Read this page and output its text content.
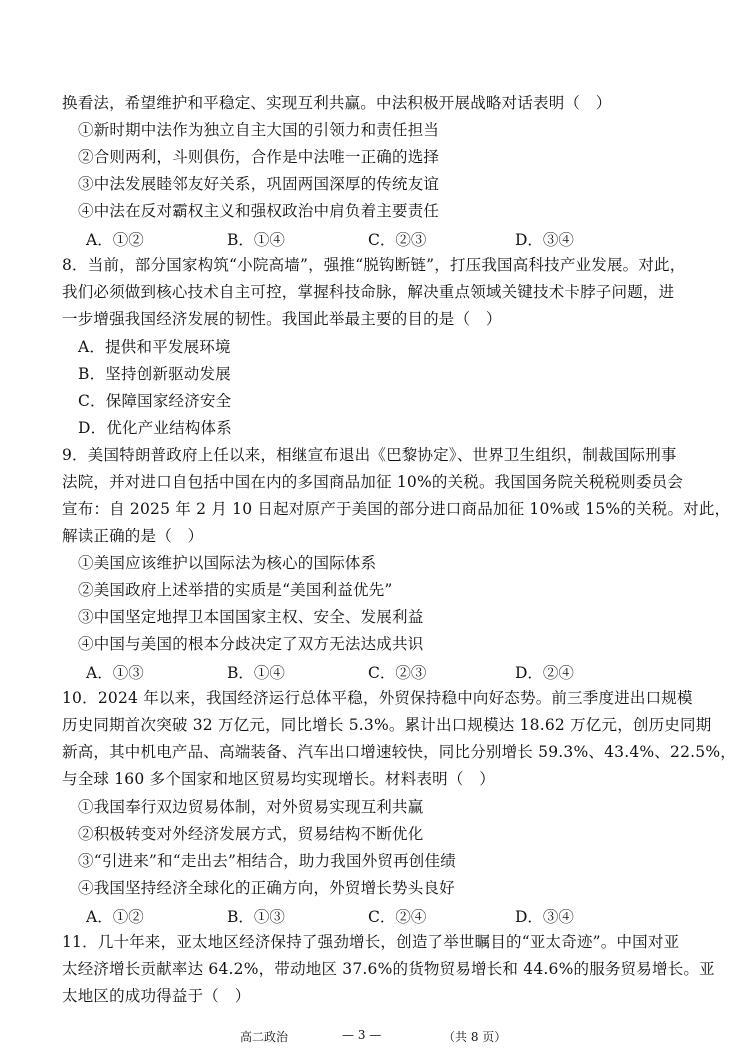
换看法，希望维护和平稳定、实现互利共赢。中法积极开展战略对话表明（　）
①新时期中法作为独立自主大国的引领力和责任担当
②合则两利，斗则俱伤，合作是中法唯一正确的选择
③中法发展睦邻友好关系，巩固两国深厚的传统友谊
④中法在反对霸权主义和强权政治中肩负着主要责任
A．①②	B．①④	C．②③	D．③④
8．当前，部分国家构筑“小院高墙”，强推“脱钩断链”，打压我国高科技产业发展。对此，
我们必须做到核心技术自主可控，掌握科技命脉，解决重点领域关键技术卡脖子问题，进
一步增强我国经济发展的韧性。我国此举最主要的目的是（　）
A．提供和平发展环境
B．坚持创新驱动发展
C．保障国家经济安全
D．优化产业结构体系
9．美国特朗普政府上任以来，相继宣布退出《巴黎协定》、世界卫生组织，制裁国际刑事
法院，并对进口自包括中国在内的多国商品加征 10%的关税。我国国务院关税税则委员会
宣布：自 2025 年 2 月 10 日起对原产于美国的部分进口商品加征 10%或 15%的关税。对此，
解读正确的是（　）
①美国应该维护以国际法为核心的国际体系
②美国政府上述举措的实质是“美国利益优先”
③中国坚定地捍卫本国国家主权、安全、发展利益
④中国与美国的根本分歧决定了双方无法达成共识
A．①③	B．①④	C．②③	D．②④
10．2024 年以来，我国经济运行总体平稳，外贸保持稳中向好态势。前三季度进出口规模
历史同期首次突破 32 万亿元，同比增长 5.3%。累计出口规模达 18.62 万亿元，创历史同期
新高，其中机电产品、高端装备、汽车出口增速较快，同比分别增长 59.3%、43.4%、22.5%，
与全球 160 多个国家和地区贸易均实现增长。材料表明（　）
①我国奉行双边贸易体制，对外贸易实现互利共赢
②积极转变对外经济发展方式，贸易结构不断优化
③“引进来”和“走出去”相结合，助力我国外贸再创佳绩
④我国坚持经济全球化的正确方向，外贸增长势头良好
A．①②	B．①③	C．②④	D．③④
11．几十年来，亚太地区经济保持了强劲增长，创造了举世瞩目的“亚太奇迹”。中国对亚
太经济增长贡献率达 64.2%，带动地区 37.6%的货物贸易增长和 44.6%的服务贸易增长。亚
太地区的成功得益于（　）
高二政治	— 3 —	（共 8 页）
